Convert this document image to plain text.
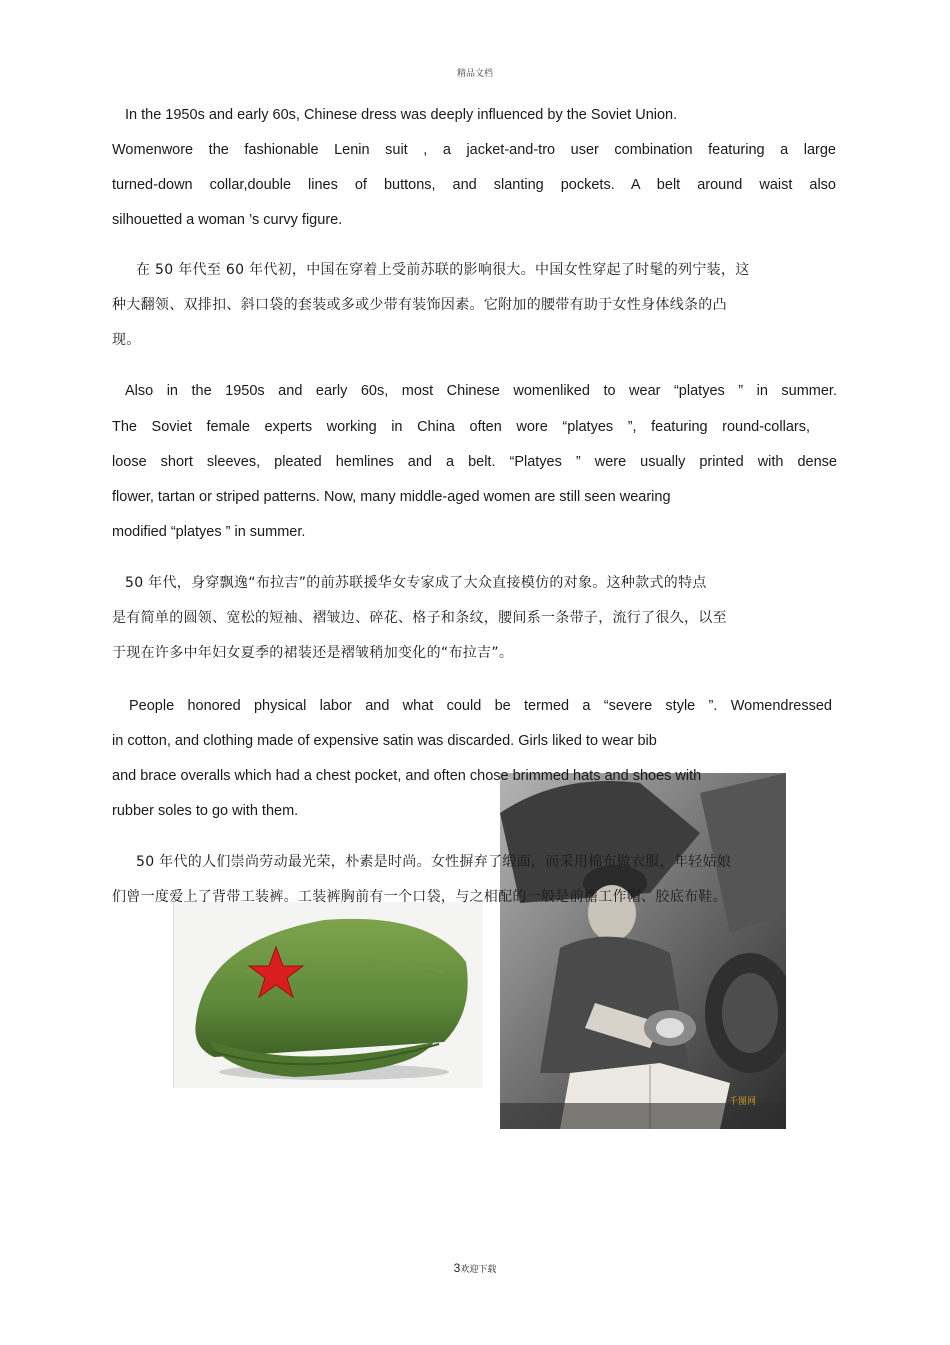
精品文档
In the 1950s and early 60s, Chinese dress was deeply influenced by the Soviet Union.
Womenwore the fashionable Lenin suit , a jacket-and-tro user combination featuring a large
turned-down collar,double lines of buttons, and slanting pockets. A belt around waist also
silhouetted a woman ’s curvy figure.
在 50 年代至 60 年代初，中国在穿着上受前苏联的影响很大。中国女性穿起了时髦的列宁装，这
种大翻领、双排扣、斜口袋的套装或多或少带有装饰因素。它附加的腰带有助于女性身体线条的凸
现。
Also in the 1950s and early 60s, most Chinese womenliked to wear “platyes ” in summer.
The Soviet female experts working in China often wore “platyes ”, featuring round-collars,
loose short sleeves, pleated hemlines and a belt. “Platyes ” were usually printed with dense
flower, tartan or striped patterns. Now, many middle-aged women are still seen wearing
modified “platyes ” in summer.
50 年代，身穿飘逸“布拉吉”的前苏联援华女专家成了大众直接模仿的对象。这种款式的特点
是有简单的圆领、宽松的短袖、褶皱边、碎花、格子和条纹，腰间系一条带子，流行了很久，以至
于现在许多中年妇女夏季的裙装还是褶皱稍加变化的“布拉吉”。
People honored physical labor and what could be termed a “severe style ”. Womendressed
in cotton, and clothing made of expensive satin was discarded. Girls liked to wear bib
and brace overalls which had a chest pocket, and often chose brimmed hats and shoes with
rubber soles to go with them.
千图网
50 年代的人们崇尚劳动最光荣，朴素是时尚。女性摒弃了缎面，而采用棉布做衣服，年轻姑娘
们曾一度爱上了背带工装裤。工装裤胸前有一个口袋，与之相配的一般是前檐工作帽、胶底布鞋。
3欢迎下载
